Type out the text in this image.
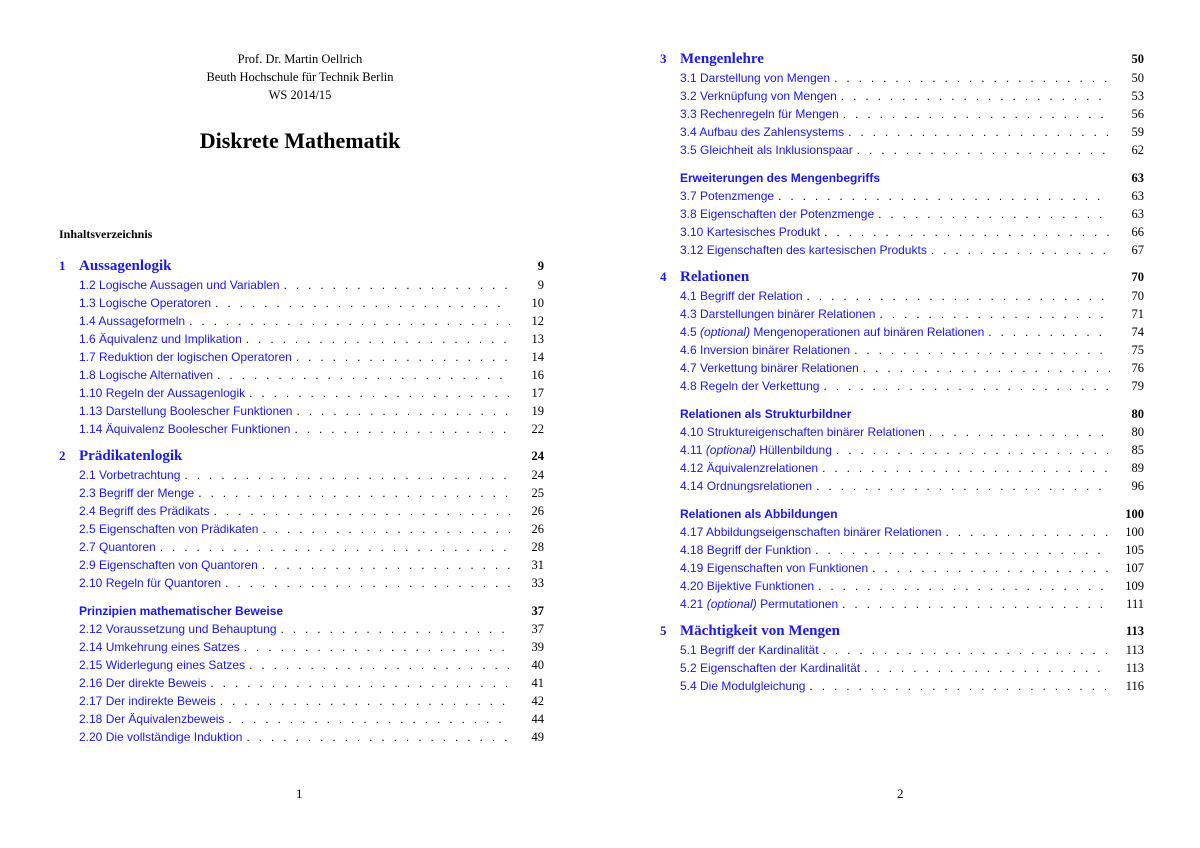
Prof. Dr. Martin Oellrich
Beuth Hochschule für Technik Berlin
WS 2014/15
Diskrete Mathematik
Inhaltsverzeichnis
1 Aussagenlogik	9
1.2 Logische Aussagen und Variablen . . .	9
1.3 Logische Operatoren . . .	10
1.4 Aussageformeln . . .	12
1.6 Äquivalenz und Implikation . . .	13
1.7 Reduktion der logischen Operatoren . . .	14
1.8 Logische Alternativen . . .	16
1.10 Regeln der Aussagenlogik . . .	17
1.13 Darstellung Boolescher Funktionen . . .	19
1.14 Äquivalenz Boolescher Funktionen . . .	22
2 Prädikatenlogik	24
2.1 Vorbetrachtung . . .	24
2.3 Begriff der Menge . . .	25
2.4 Begriff des Prädikats . . .	26
2.5 Eigenschaften von Prädikaten . . .	26
2.7 Quantoren . . .	28
2.9 Eigenschaften von Quantoren . . .	31
2.10 Regeln für Quantoren . . .	33
Prinzipien mathematischer Beweise	37
2.12 Voraussetzung und Behauptung . . .	37
2.14 Umkehrung eines Satzes . . .	39
2.15 Widerlegung eines Satzes . . .	40
2.16 Der direkte Beweis . . .	41
2.17 Der indirekte Beweis . . .	42
2.18 Der Äquivalenzbeweis . . .	44
2.20 Die vollständige Induktion . . .	49
1
3 Mengenlehre	50
3.1 Darstellung von Mengen . . .	50
3.2 Verknüpfung von Mengen . . .	53
3.3 Rechenregeln für Mengen . . .	56
3.4 Aufbau des Zahlensystems . . .	59
3.5 Gleichheit als Inklusionspaar . . .	62
Erweiterungen des Mengenbegriffs	63
3.7 Potenzmenge . . .	63
3.8 Eigenschaften der Potenzmenge . . .	63
3.10 Kartesisches Produkt . . .	66
3.12 Eigenschaften des kartesischen Produkts . . .	67
4 Relationen	70
4.1 Begriff der Relation . . .	70
4.3 Darstellungen binärer Relationen . . .	71
4.5 (optional) Mengenoperationen auf binären Relationen . . .	74
4.6 Inversion binärer Relationen . . .	75
4.7 Verkettung binärer Relationen . . .	76
4.8 Regeln der Verkettung . . .	79
Relationen als Strukturbildner	80
4.10 Struktureigenschaften binärer Relationen . . .	80
4.11 (optional) Hüllenbildung . . .	85
4.12 Äquivalenzrelationen . . .	89
4.14 Ordnungsrelationen . . .	96
Relationen als Abbildungen	100
4.17 Abbildungseigenschaften binärer Relationen . . .	100
4.18 Begriff der Funktion . . .	105
4.19 Eigenschaften von Funktionen . . .	107
4.20 Bijektive Funktionen . . .	109
4.21 (optional) Permutationen . . .	111
5 Mächtigkeit von Mengen	113
5.1 Begriff der Kardinalität . . .	113
5.2 Eigenschaften der Kardinalität . . .	113
5.4 Die Modulgleichung . . .	116
2
